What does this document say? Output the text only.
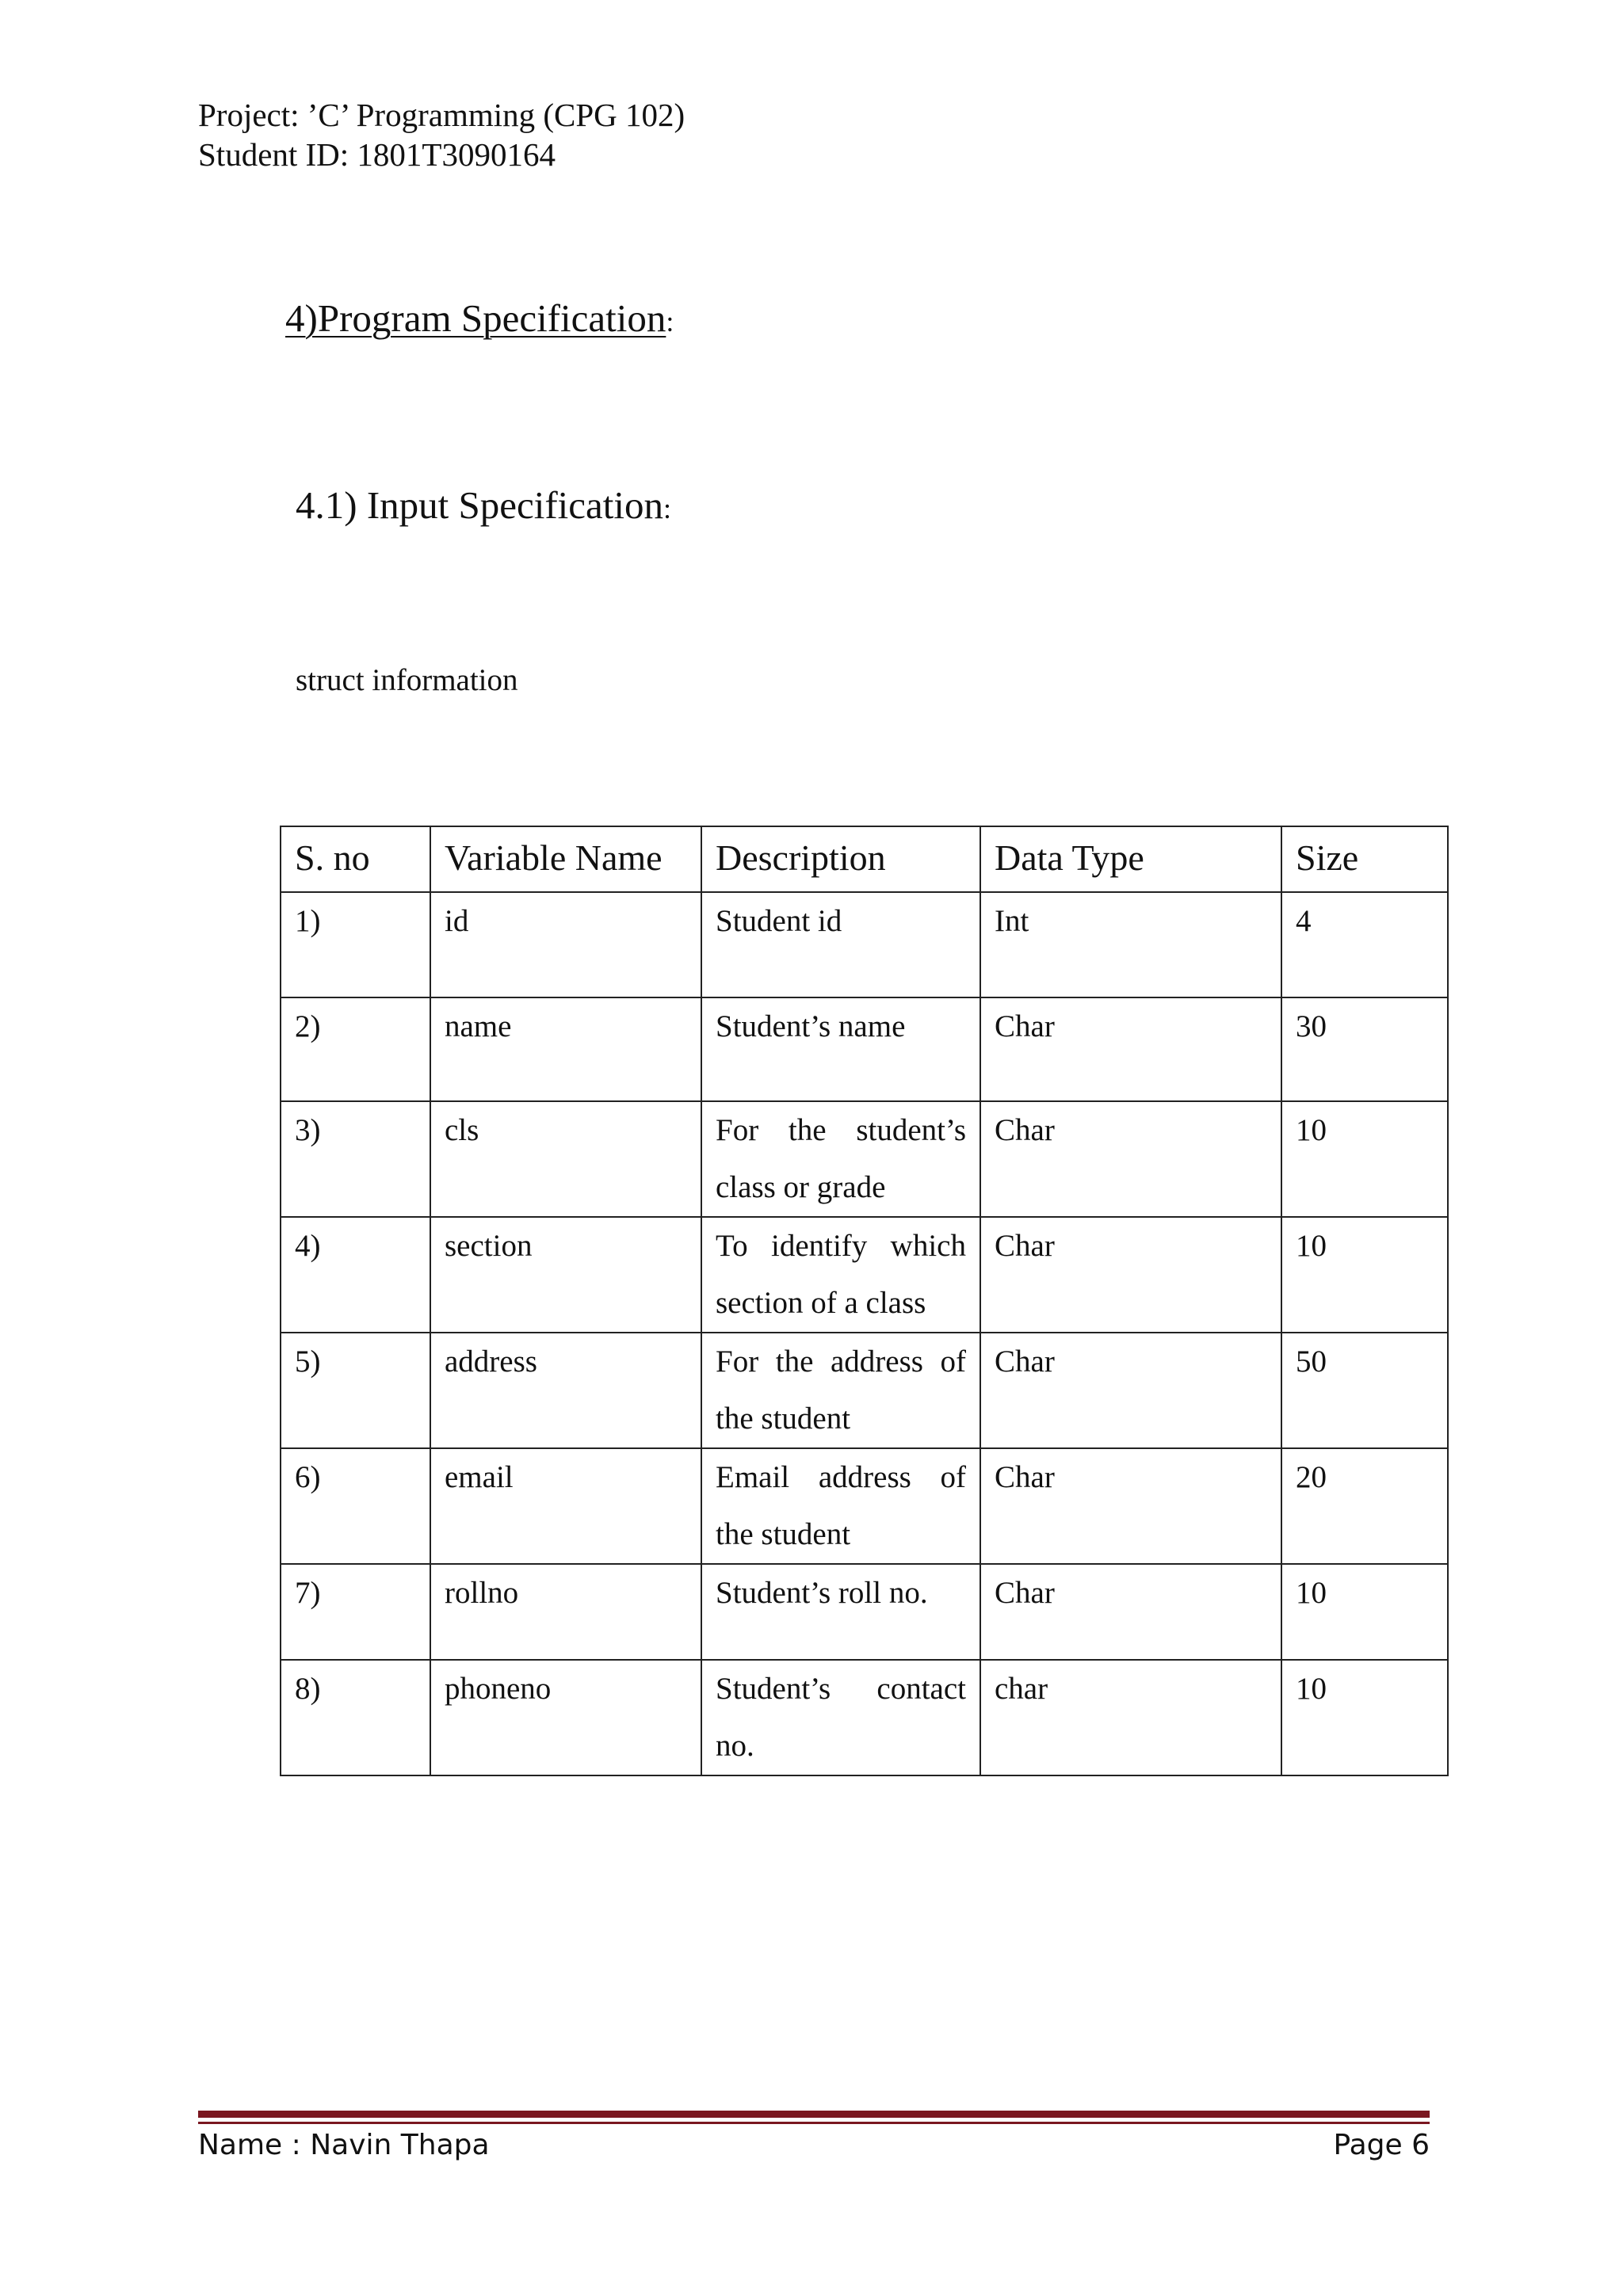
Project: ’C’ Programming (CPG 102)
Student ID: 1801T3090164
4)Program Specification:
4.1) Input Specification:
struct information
S. no	Variable Name	Description	Data Type	Size
1)	id	Student id	Int	4
2)	name	Student’s name	Char	30
3)	cls	For the student’s class or grade	Char	10
4)	section	To identify which section of a class	Char	10
5)	address	For the address of the student	Char	50
6)	email	Email address of the student	Char	20
7)	rollno	Student’s roll no.	Char	10
8)	phoneno	Student’s contact no.	char	10
Name : Navin Thapa	Page 6
